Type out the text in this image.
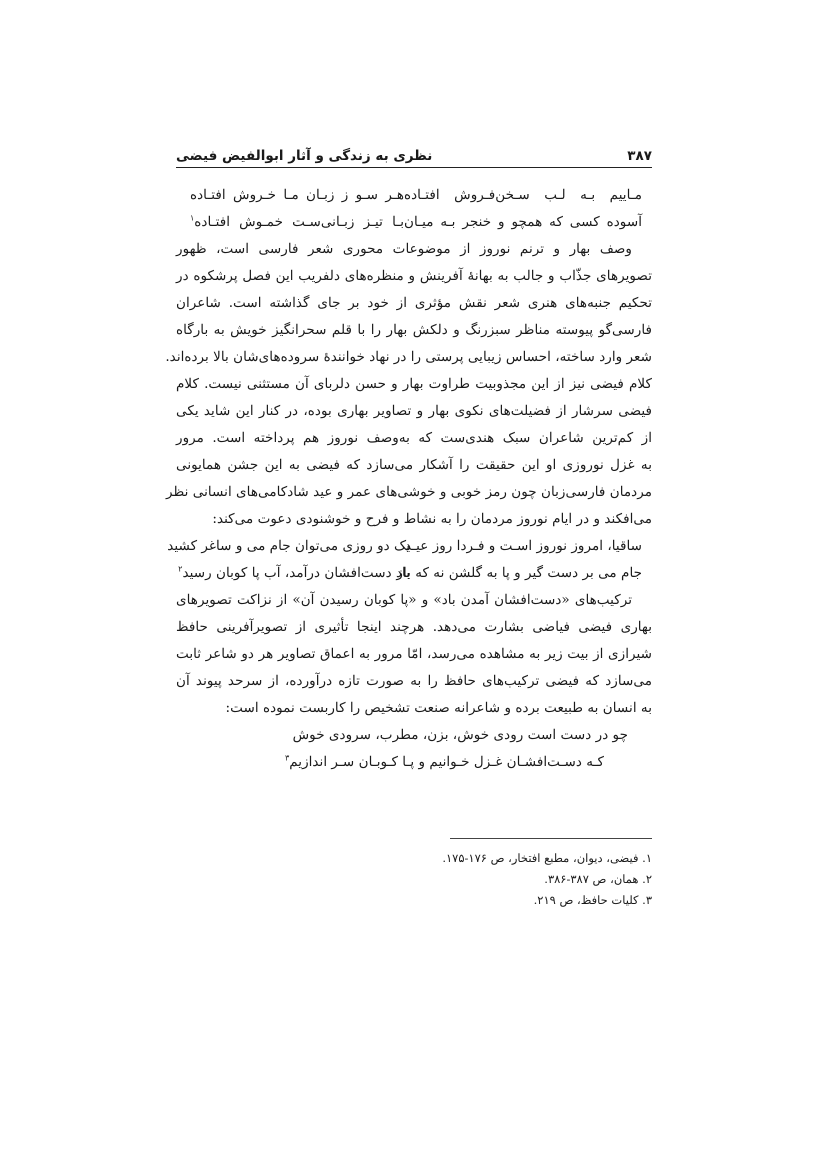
۳۸۷
نظری به زندگی و آثار ابوالفیض فیضی
مـاییم بـه لـب سـخن‌فـروش افتـاده
هـر سـو ز زبـان مـا خـروش افتـاده
آسوده کسی که همچو و خنجر بـه میـان
بـا تیـز زبـانی‌سـت خمـوش افتـاده$^۱$
وصف بهار و ترنم نوروز از موضوعات محوری شعر فارسی است، ظهور
تصویرهای جذّاب و جالب به بهانهٔ آفرینش و منظره‌های دلفریب این فصل پرشکوه در
تحکیم جنبه‌های هنری شعر نقش مؤثری از خود بر جای گذاشته است. شاعران
فارسی‌گو پیوسته مناظر سبزرنگ و دلکش بهار را با قلم سحرانگیز خویش به بارگاه
شعر وارد ساخته، احساس زیبایی پرستی را در نهاد خوانندهٔ سروده‌های‌شان بالا برده‌اند.
کلام فیضی نیز از این مجذوبیت طراوت بهار و حسن دلربای آن مستثنی نیست. کلام
فیضی سرشار از فضیلت‌های نکوی بهار و تصاویر بهاری بوده، در کنار این شاید یکی
از کم‌ترین شاعران سبک هندی‌ست که به‌وصف نوروز هم پرداخته است. مرور
به غزل نوروزی او این حقیقت را آشکار می‌سازد که فیضی به این جشن همایونی
مردمان فارسی‌زبان چون رمز خوبی و خوشی‌های عمر و عید شادکامی‌های انسانی نظر
می‌افکند و در ایام نوروز مردمان را به نشاط و فرح و خوشنودی دعوت می‌کند:
ساقیا، امروز نوروز اسـت و فـردا روز عیـد
یک دو روزی می‌توان جام می و ساغر کشید
جام می بر دست گیر و پا به گلشن نه که باز
باد دست‌افشان درآمد، آب پا کوبان رسید$^۲$
ترکیب‌های «دست‌افشان آمدن باد» و «پا کوبان رسیدن آن» از نزاکت تصویرهای
بهاری فیضی فیاضی بشارت می‌دهد. هرچند اینجا تأثیری از تصویرآفرینی حافظ
شیرازی از بیت زیر به مشاهده می‌رسد، امّا مرور به اعماق تصاویر هر دو شاعر ثابت
می‌سازد که فیضی ترکیب‌های حافظ را به صورت تازه درآورده، از سرحد پیوند آن
به انسان به طبیعت برده و شاعرانه صنعت تشخیص را کاربست نموده است:
چو در دست است رودی خوش، بزن، مطرب، سرودی خوش
کـه دسـت‌افشـان غـزل خـوانیم و پـا کـوبـان سـر اندازیم$^۳$
۱. فیضی، دیوان، مطبع افتخار، ص ۱۷۶-۱۷۵.
۲. همان، ص ۳۸۷-۳۸۶.
۳. کلیات حافظ، ص ۲۱۹.
